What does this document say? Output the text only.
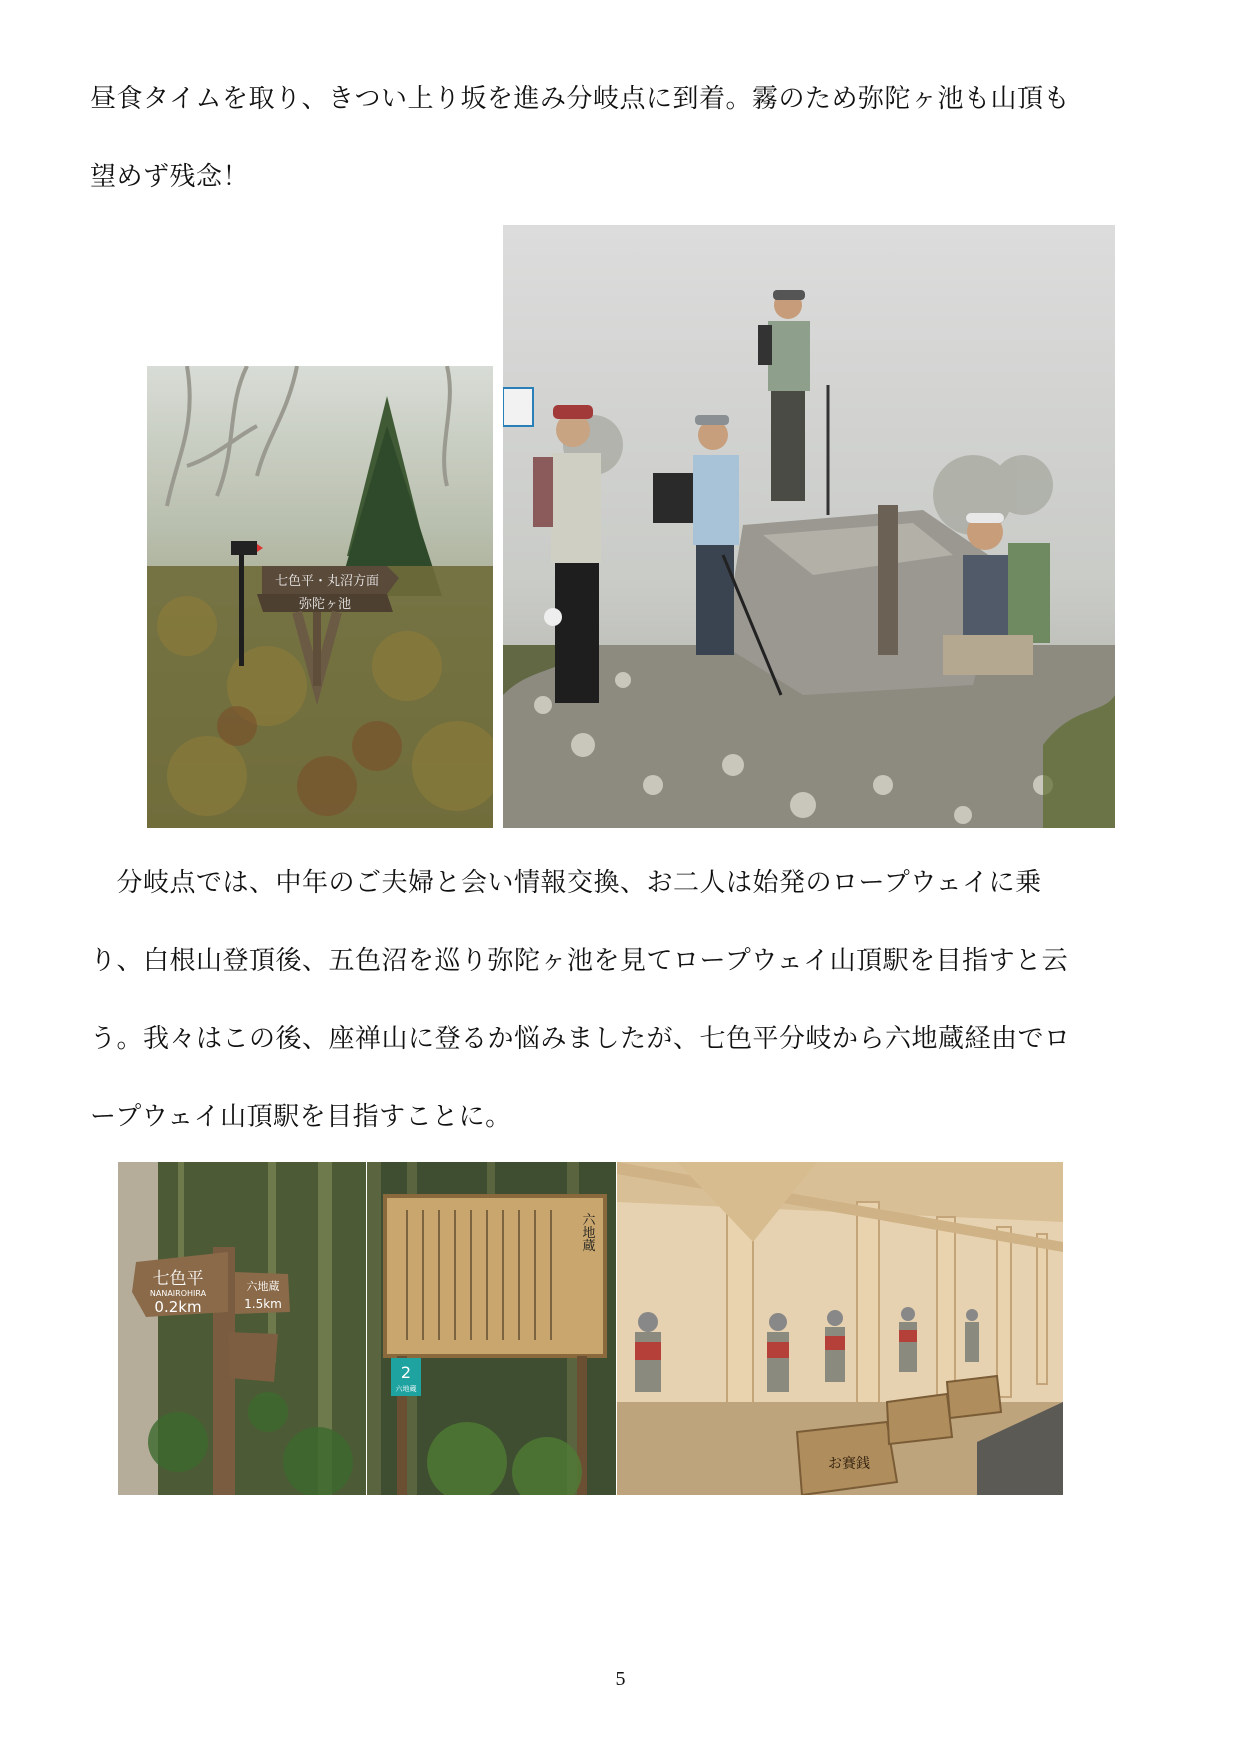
昼食タイムを取り、きつい上り坂を進み分岐点に到着。霧のため弥陀ヶ池も山頂も
望めず残念！
七色平・丸沼方面
弥陀ヶ池
　分岐点では、中年のご夫婦と会い情報交換、お二人は始発のロープウェイに乗
り、白根山登頂後、五色沼を巡り弥陀ヶ池を見てロープウェイ山頂駅を目指すと云
う。我々はこの後、座禅山に登るか悩みましたが、七色平分岐から六地蔵経由でロ
ープウェイ山頂駅を目指すことに。
七色平
NANAIROHIRA
0.2km
六地蔵
1.5km
六地蔵
2
六地蔵
お賽銭
5
